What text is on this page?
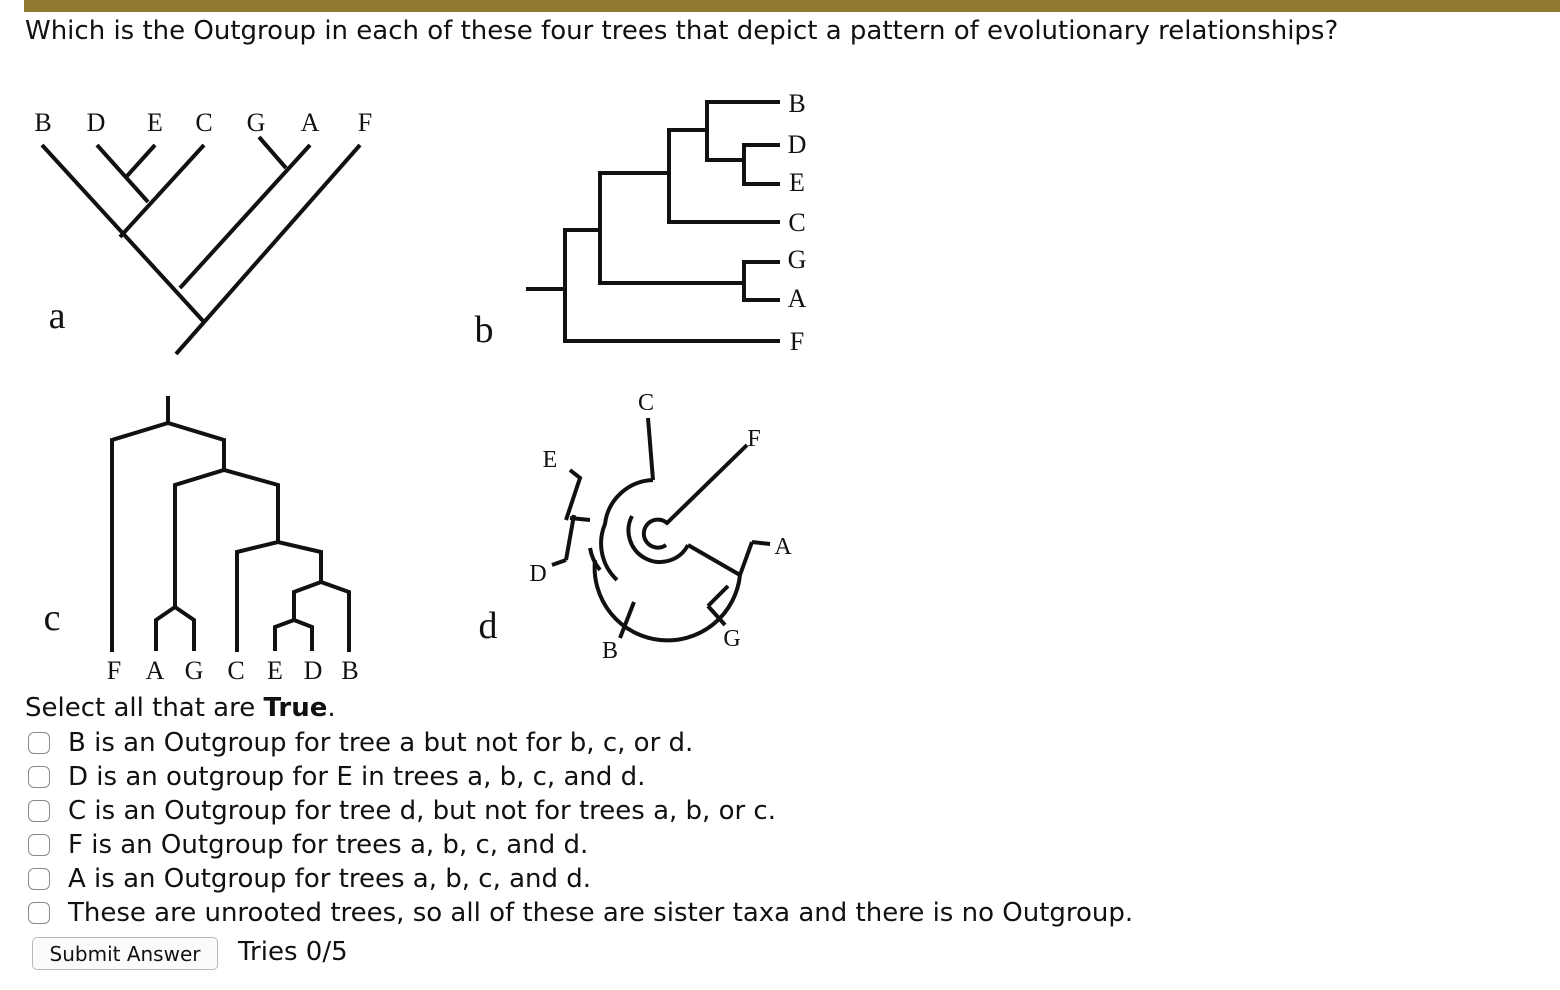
Which is the Outgroup in each of these four trees that depict a pattern of evolutionary relationships?
B D E C G A F
a
B
D
E
C
G
A
F
b
F A G C E D B
c
C
F
E
A
D
B	G
d
Select all that are True.
B is an Outgroup for tree a but not for b, c, or d.
D is an outgroup for E in trees a, b, c, and d.
C is an Outgroup for tree d, but not for trees a, b, or c.
F is an Outgroup for trees a, b, c, and d.
A is an Outgroup for trees a, b, c, and d.
These are unrooted trees, so all of these are sister taxa and there is no Outgroup.
Submit Answer	Tries 0/5
